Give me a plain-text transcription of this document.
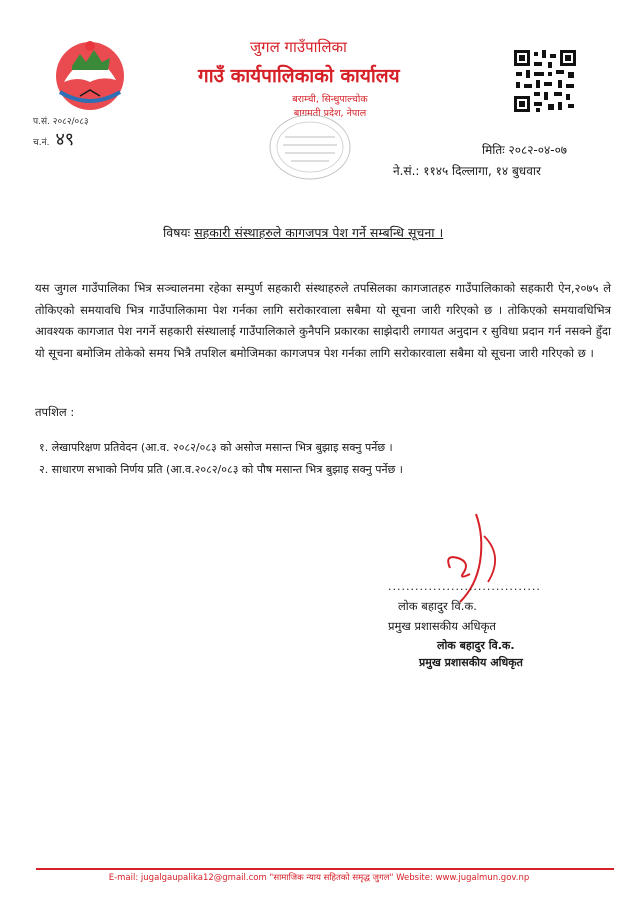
जुगल गाउँपालिका
गाउँ कार्यपालिकाको कार्यालय
बराम्ची, सिन्धुपाल्चोक
बागमती प्रदेश, नेपाल
प.सं. २०८२/०८३
च.नं. ४९	मितिः २०८२-०४-०७
ने.सं.: ११४५ दिल्लागा, १४ बुधवार
विषयः सहकारी संस्थाहरुले कागजपत्र पेश गर्ने सम्बन्धि सूचना ।
यस जुगल गाउँपालिका भित्र सञ्चालनमा रहेका सम्पुर्ण सहकारी संस्थाहरुले तपसिलका कागजातहरु गाउँपालिकाको सहकारी ऐन,२०७५ ले तोकिएको समयावधि भित्र गाउँपालिकामा पेश गर्नका लागि सरोकारवाला सबैमा यो सूचना जारी गरिएको छ । तोकिएको समयावधिभित्र आवश्यक कागजात पेश नगर्ने सहकारी संस्थालाई गाउँपालिकाले कुनैपनि प्रकारका साझेदारी लगायत अनुदान र सुविधा प्रदान गर्न नसक्ने हुँदा यो सूचना बमोजिम तोकेको समय भित्रै तपशिल बमोजिमका कागजपत्र पेश गर्नका लागि सरोकारवाला सबैमा यो सूचना जारी गरिएको छ ।
तपशिल :
१. लेखापरिक्षण प्रतिवेदन (आ.व. २०८२/०८३ को असोज मसान्त भित्र बुझाइ सक्नु पर्नेछ ।
२. साधारण सभाको निर्णय प्रति (आ.व.२०८२/०८३ को पौष मसान्त भित्र बुझाइ सक्नु पर्नेछ ।
..................................
लोक बहादुर वि.क.
प्रमुख प्रशासकीय अधिकृत
लोक बहादुर वि.क.
प्रमुख प्रशासकीय अधिकृत
E-mail: jugalgaupalika12@gmail.com "सामाजिक न्याय सहितको समृद्ध जुगल" Website: www.jugalmun.gov.np
